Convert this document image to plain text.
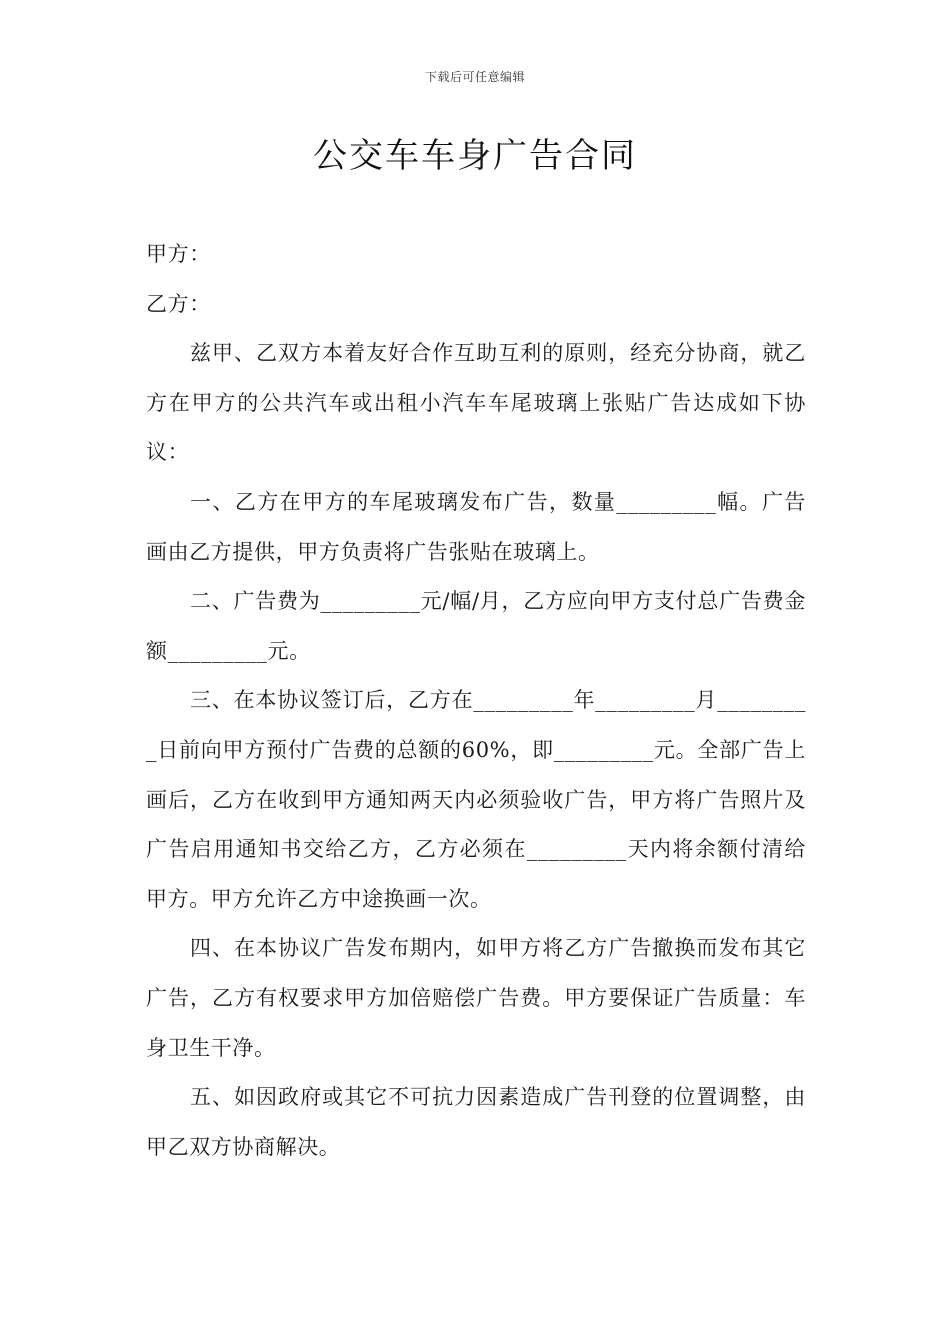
下载后可任意编辑
公交车车身广告合同

甲方：

乙方：

兹甲、乙双方本着友好合作互助互利的原则，经充分协商，就乙方在甲方的公共汽车或出租小汽车车尾玻璃上张贴广告达成如下协议：

一、乙方在甲方的车尾玻璃发布广告，数量_________幅。广告画由乙方提供，甲方负责将广告张贴在玻璃上。

二、广告费为_________元/幅/月，乙方应向甲方支付总广告费金额_________元。

三、在本协议签订后，乙方在_________年_________月_________日前向甲方预付广告费的总额的60%，即_________元。全部广告上画后，乙方在收到甲方通知两天内必须验收广告，甲方将广告照片及广告启用通知书交给乙方，乙方必须在_________天内将余额付清给甲方。甲方允许乙方中途换画一次。

四、在本协议广告发布期内，如甲方将乙方广告撤换而发布其它广告，乙方有权要求甲方加倍赔偿广告费。甲方要保证广告质量：车身卫生干净。

五、如因政府或其它不可抗力因素造成广告刊登的位置调整，由甲乙双方协商解决。
